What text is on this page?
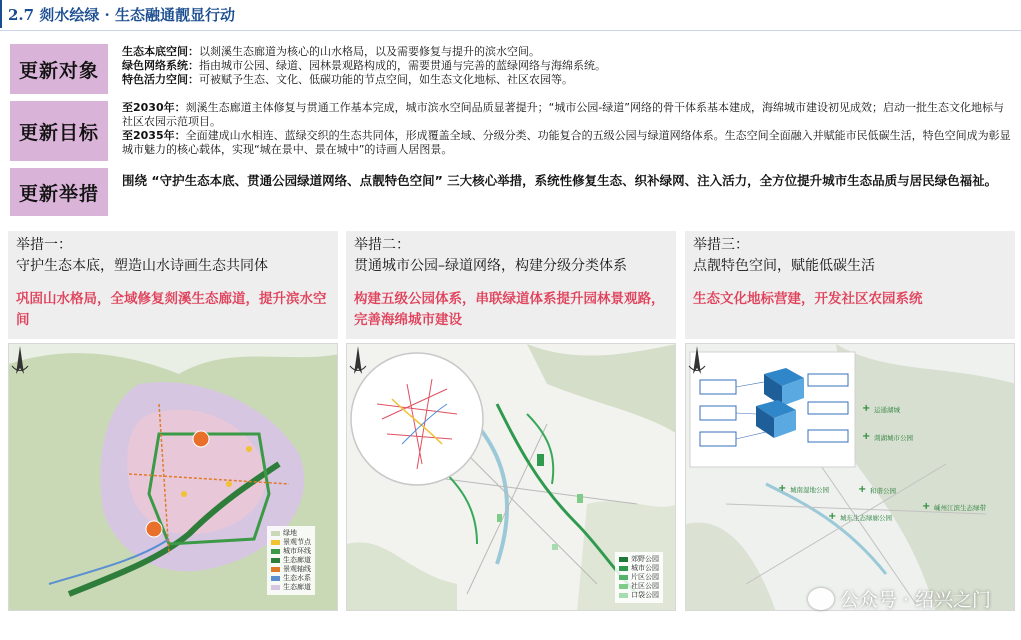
2.7 剡水绘绿 · 生态融通靓显行动
更新对象
生态本底空间：以剡溪生态廊道为核心的山水格局，以及需要修复与提升的滨水空间。
绿色网络系统：指由城市公园、绿道、园林景观路构成的，需要贯通与完善的蓝绿网络与海绵系统。
特色活力空间：可被赋予生态、文化、低碳功能的节点空间，如生态文化地标、社区农园等。
更新目标
至2030年：剡溪生态廊道主体修复与贯通工作基本完成，城市滨水空间品质显著提升；“城市公园-绿道”网络的骨干体系基本建成，海绵城市建设初见成效；启动一批生态文化地标与社区农园示范项目。
至2035年：全面建成山水相连、蓝绿交织的生态共同体，形成覆盖全域、分级分类、功能复合的五级公园与绿道网络体系。生态空间全面融入并赋能市民低碳生活，特色空间成为彰显城市魅力的核心载体，实现“城在景中、景在城中”的诗画人居图景。
更新举措
围绕 “守护生态本底、贯通公园绿道网络、点靓特色空间” 三大核心举措，系统性修复生态、织补绿网、注入活力，全方位提升城市生态品质与居民绿色福祉。
举措一：
守护生态本底，塑造山水诗画生态共同体
巩固山水格局，全域修复剡溪生态廊道，提升滨水空间
举措二：
贯通城市公园–绿道网络，构建分级分类体系
构建五级公园体系，串联绿道体系提升园林景观路，完善海绵城市建设
举措三：
点靓特色空间，赋能低碳生活
生态文化地标营建，开发社区农园系统
绿地
景观节点
城市环线
生态廊道
景观轴线
生态水系
生态廊道
郊野公园
城市公园
片区公园
社区公园
口袋公园
+ 运通湖城
+ 剡湖城市公园
+ 城南湿地公园	+ 和谐公园
+ 城东生态绿廊公园
+ 嵊州江滨生态绿带
公众号 · 绍兴之门
